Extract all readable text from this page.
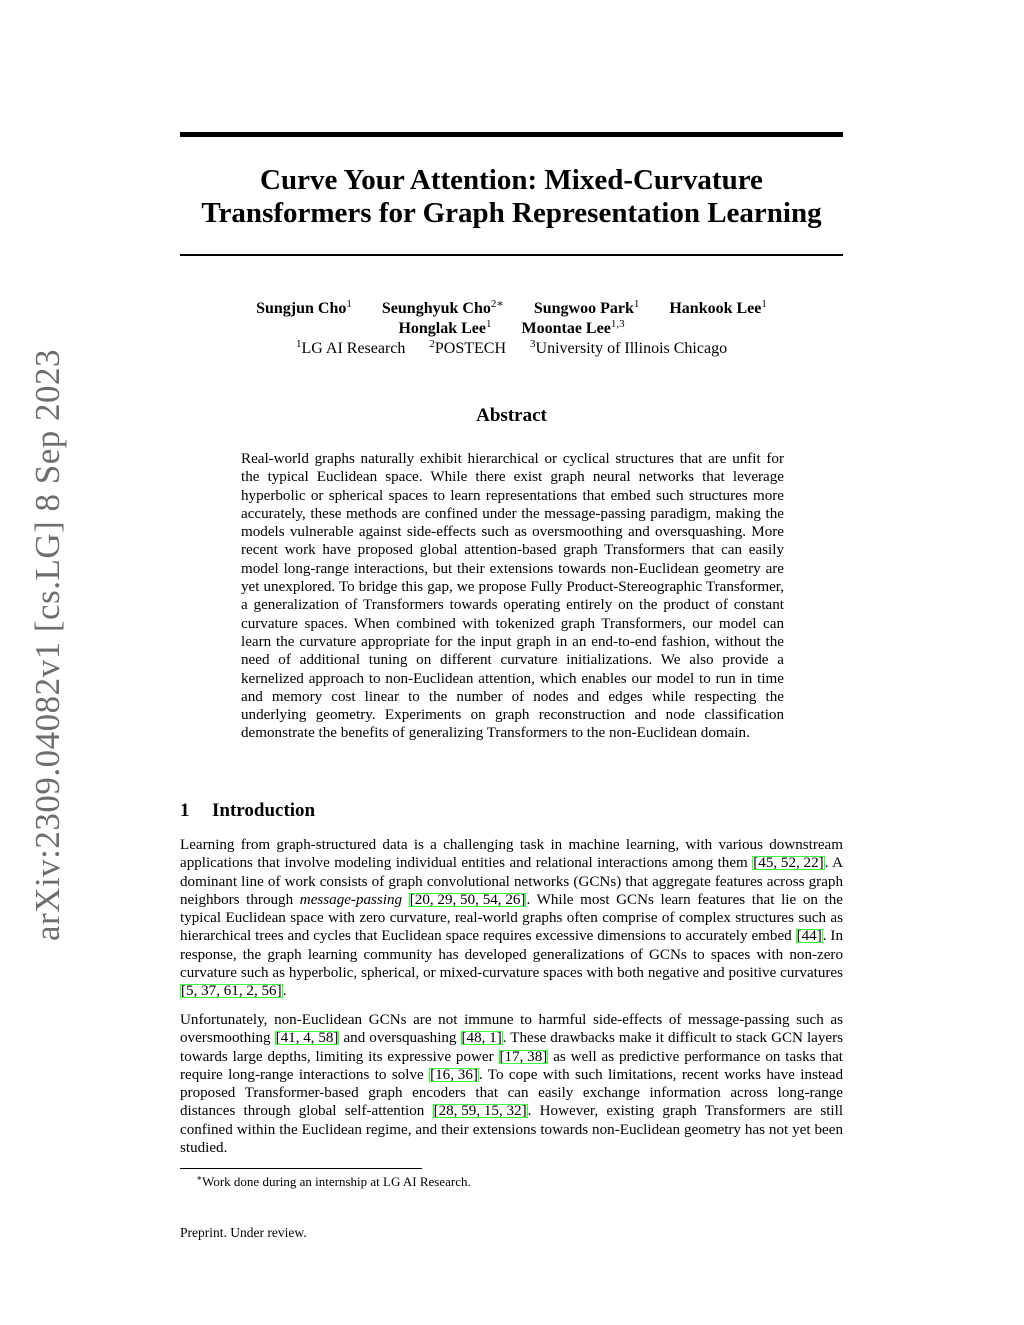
arXiv:2309.04082v1 [cs.LG] 8 Sep 2023
Curve Your Attention: Mixed-Curvature
Transformers for Graph Representation Learning
Sungjun Cho$^1$ Seunghyuk Cho$^{2∗}$ Sungwoo Park$^1$ Hankook Lee$^1$
Honglak Lee$^1$ Moontae Lee$^{1,3}$
$^1$LG AI Research $^2$POSTECH $^3$University of Illinois Chicago
Abstract
Real-world graphs naturally exhibit hierarchical or cyclical structures that are unfit for the typical Euclidean space. While there exist graph neural networks that leverage hyperbolic or spherical spaces to learn representations that embed such structures more accurately, these methods are confined under the message-passing paradigm, making the models vulnerable against side-effects such as oversmoothing and oversquashing. More recent work have proposed global attention-based graph Transformers that can easily model long-range interactions, but their extensions towards non-Euclidean geometry are yet unexplored. To bridge this gap, we propose Fully Product-Stereographic Transformer, a generalization of Transformers towards operating entirely on the product of constant curvature spaces. When combined with tokenized graph Transformers, our model can learn the curvature appropriate for the input graph in an end-to-end fashion, without the need of additional tuning on different curvature initializations. We also provide a kernelized approach to non-Euclidean attention, which enables our model to run in time and memory cost linear to the number of nodes and edges while respecting the underlying geometry. Experiments on graph reconstruction and node classification demonstrate the benefits of generalizing Transformers to the non-Euclidean domain.
1 Introduction
Learning from graph-structured data is a challenging task in machine learning, with various downstream applications that involve modeling individual entities and relational interactions among them [45, 52, 22]. A dominant line of work consists of graph convolutional networks (GCNs) that aggregate features across graph neighbors through message-passing [20, 29, 50, 54, 26]. While most GCNs learn features that lie on the typical Euclidean space with zero curvature, real-world graphs often comprise of complex structures such as hierarchical trees and cycles that Euclidean space requires excessive dimensions to accurately embed [44]. In response, the graph learning community has developed generalizations of GCNs to spaces with non-zero curvature such as hyperbolic, spherical, or mixed-curvature spaces with both negative and positive curvatures [5, 37, 61, 2, 56].
Unfortunately, non-Euclidean GCNs are not immune to harmful side-effects of message-passing such as oversmoothing [41, 4, 58] and oversquashing [48, 1]. These drawbacks make it difficult to stack GCN layers towards large depths, limiting its expressive power [17, 38] as well as predictive performance on tasks that require long-range interactions to solve [16, 36]. To cope with such limitations, recent works have instead proposed Transformer-based graph encoders that can easily exchange information across long-range distances through global self-attention [28, 59, 15, 32]. However, existing graph Transformers are still confined within the Euclidean regime, and their extensions towards non-Euclidean geometry has not yet been studied.
∗Work done during an internship at LG AI Research.
Preprint. Under review.
